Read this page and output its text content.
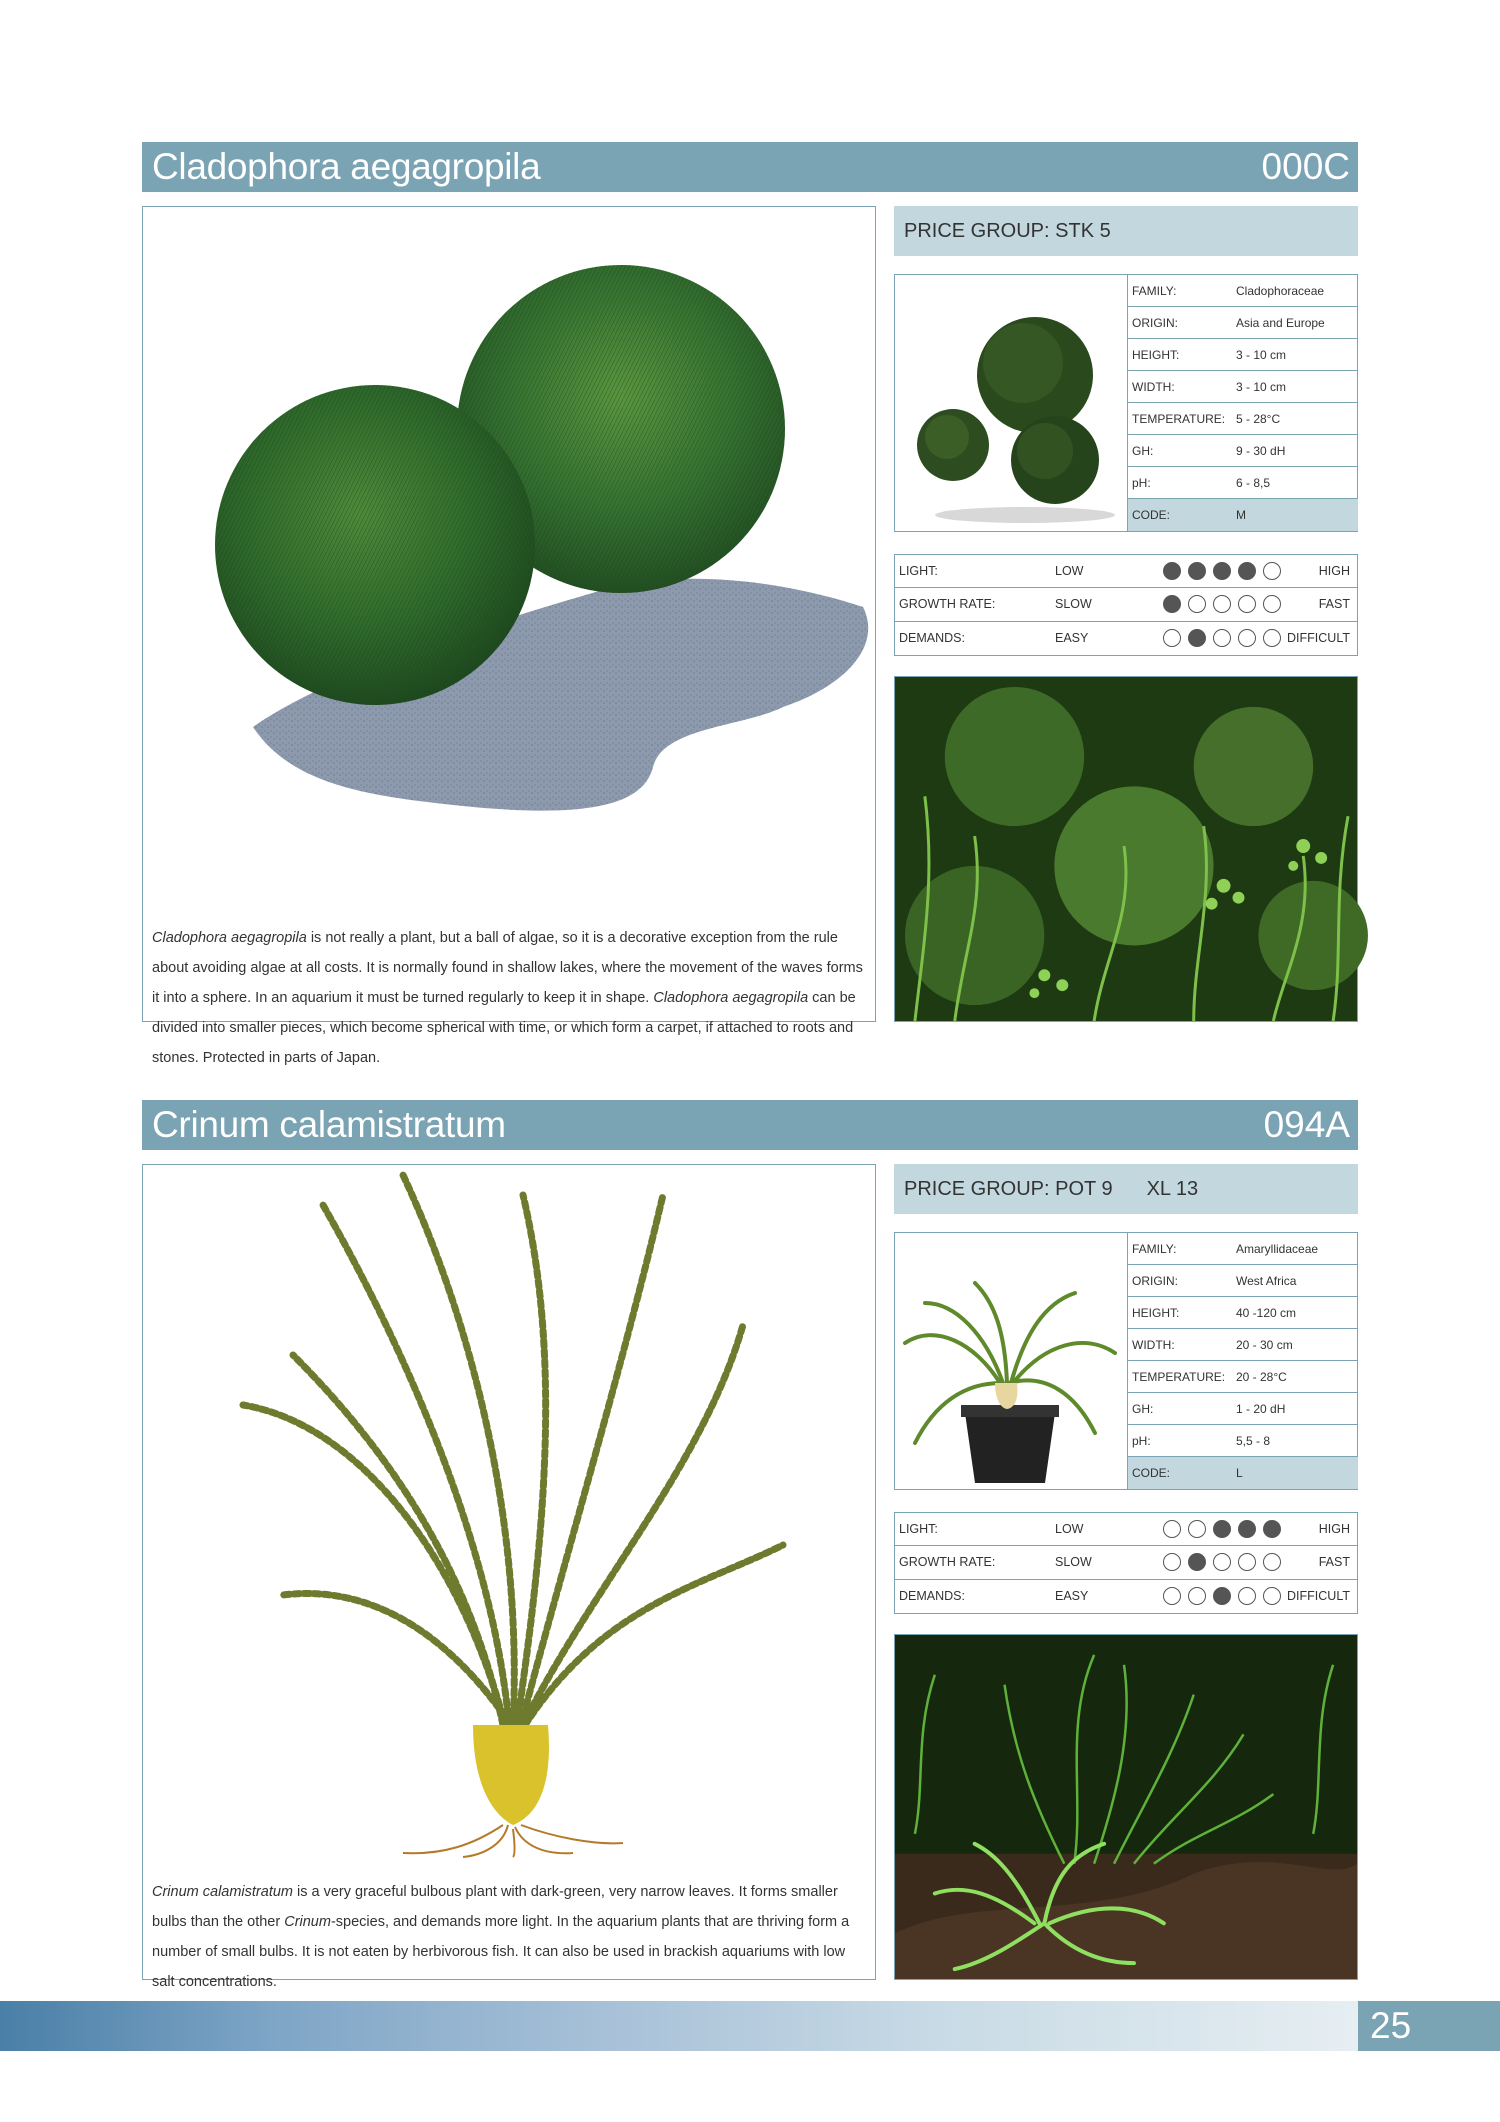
Cladophora aegagropila	000C

Cladophora aegagropila is not really a plant, but a ball of algae, so it is a decorative exception from the rule about avoiding algae at all costs. It is normally found in shallow lakes, where the movement of the waves forms it into a sphere. In an aquarium it must be turned regularly to keep it in shape. Cladophora aegagropila can be divided into smaller pieces, which become spherical with time, or which form a carpet, if attached to roots and stones. Protected in parts of Japan.

PRICE GROUP: STK 5
FAMILY:	Cladophoraceae
ORIGIN:	Asia and Europe
HEIGHT:	3 - 10 cm
WIDTH:	3 - 10 cm
TEMPERATURE: 5 - 28°C
GH:	9 - 30 dH
pH:	6 - 8,5
CODE:	M
LIGHT:	LOW	HIGH
GROWTH RATE:	SLOW	FAST
DEMANDS:	EASY	DIFFICULT
Crinum calamistratum	094A

Crinum calamistratum is a very graceful bulbous plant with dark-green, very narrow leaves. It forms smaller bulbs than the other Crinum-species, and demands more light. In the aquarium plants that are thriving form a number of small bulbs. It is not eaten by herbivorous fish. It can also be used in brackish aquariums with low salt concentrations.

PRICE GROUP: POT 9 XL 13
FAMILY:	Amaryllidaceae
ORIGIN:	West Africa
HEIGHT:	40 -120 cm
WIDTH:	20 - 30 cm
TEMPERATURE: 20 - 28°C
GH:	1 - 20 dH
pH:	5,5 - 8
CODE:	L
LIGHT:	LOW	HIGH
GROWTH RATE:	SLOW	FAST
DEMANDS:	EASY	DIFFICULT
25
